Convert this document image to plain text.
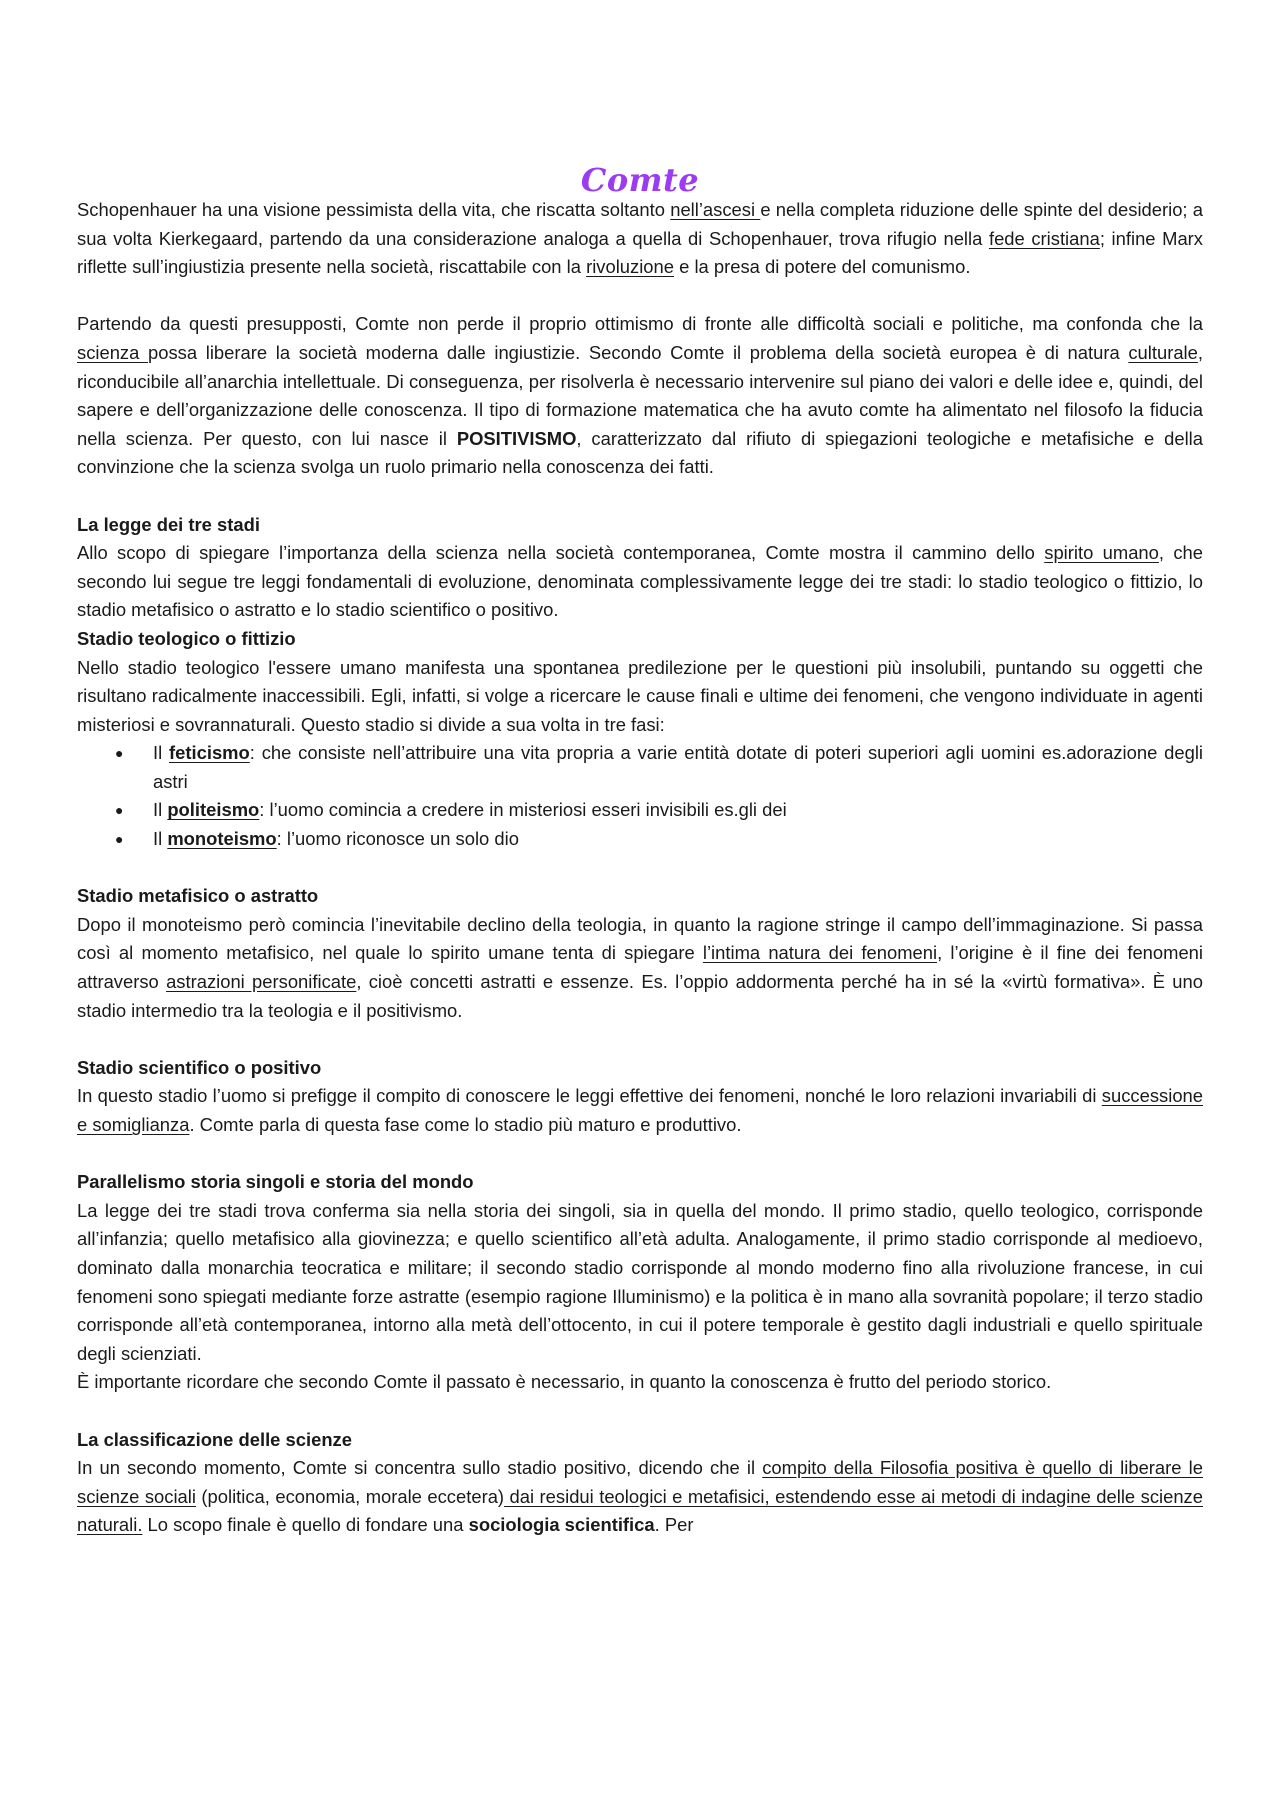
Comte

Schopenhauer ha una visione pessimista della vita, che riscatta soltanto nell’ascesi e nella completa riduzione delle spinte del desiderio; a sua volta Kierkegaard, partendo da una considerazione analoga a quella di Schopenhauer, trova rifugio nella fede cristiana; infine Marx riflette sull’ingiustizia presente nella società, riscattabile con la rivoluzione e la presa di potere del comunismo.

Partendo da questi presupposti, Comte non perde il proprio ottimismo di fronte alle difficoltà sociali e politiche, ma confonda che la scienza possa liberare la società moderna dalle ingiustizie. Secondo Comte il problema della società europea è di natura culturale, riconducibile all’anarchia intellettuale. Di conseguenza, per risolverla è necessario intervenire sul piano dei valori e delle idee e, quindi, del sapere e dell’organizzazione delle conoscenza. Il tipo di formazione matematica che ha avuto comte ha alimentato nel filosofo la fiducia nella scienza. Per questo, con lui nasce il POSITIVISMO, caratterizzato dal rifiuto di spiegazioni teologiche e metafisiche e della convinzione che la scienza svolga un ruolo primario nella conoscenza dei fatti.

La legge dei tre stadi

Allo scopo di spiegare l’importanza della scienza nella società contemporanea, Comte mostra il cammino dello spirito umano, che secondo lui segue tre leggi fondamentali di evoluzione, denominata complessivamente legge dei tre stadi: lo stadio teologico o fittizio, lo stadio metafisico o astratto e lo stadio scientifico o positivo.

Stadio teologico o fittizio

Nello stadio teologico l'essere umano manifesta una spontanea predilezione per le questioni più insolubili, puntando su oggetti che risultano radicalmente inaccessibili. Egli, infatti, si volge a ricercare le cause finali e ultime dei fenomeni, che vengono individuate in agenti misteriosi e sovrannaturali. Questo stadio si divide a sua volta in tre fasi:

● Il feticismo: che consiste nell’attribuire una vita propria a varie entità dotate di poteri superiori agli uomini es.adorazione degli astri
● Il politeismo: l’uomo comincia a credere in misteriosi esseri invisibili es.gli dei
● Il monoteismo: l’uomo riconosce un solo dio
Stadio metafisico o astratto

Dopo il monoteismo però comincia l’inevitabile declino della teologia, in quanto la ragione stringe il campo dell’immaginazione. Si passa così al momento metafisico, nel quale lo spirito umane tenta di spiegare l’intima natura dei fenomeni, l’origine è il fine dei fenomeni attraverso astrazioni personificate, cioè concetti astratti e essenze. Es. l’oppio addormenta perché ha in sé la «virtù formativa». È uno stadio intermedio tra la teologia e il positivismo.

Stadio scientifico o positivo

In questo stadio l’uomo si prefigge il compito di conoscere le leggi effettive dei fenomeni, nonché le loro relazioni invariabili di successione e somiglianza. Comte parla di questa fase come lo stadio più maturo e produttivo.

Parallelismo storia singoli e storia del mondo

La legge dei tre stadi trova conferma sia nella storia dei singoli, sia in quella del mondo. Il primo stadio, quello teologico, corrisponde all’infanzia; quello metafisico alla giovinezza; e quello scientifico all’età adulta. Analogamente, il primo stadio corrisponde al medioevo, dominato dalla monarchia teocratica e militare; il secondo stadio corrisponde al mondo moderno fino alla rivoluzione francese, in cui fenomeni sono spiegati mediante forze astratte (esempio ragione Illuminismo) e la politica è in mano alla sovranità popolare; il terzo stadio corrisponde all’età contemporanea, intorno alla metà dell’ottocento, in cui il potere temporale è gestito dagli industriali e quello spirituale degli scienziati.

È importante ricordare che secondo Comte il passato è necessario, in quanto la conoscenza è frutto del periodo storico.

La classificazione delle scienze

In un secondo momento, Comte si concentra sullo stadio positivo, dicendo che il compito della Filosofia positiva è quello di liberare le scienze sociali (politica, economia, morale eccetera) dai residui teologici e metafisici, estendendo esse ai metodi di indagine delle scienze naturali. Lo scopo finale è quello di fondare una sociologia scientifica. Per
